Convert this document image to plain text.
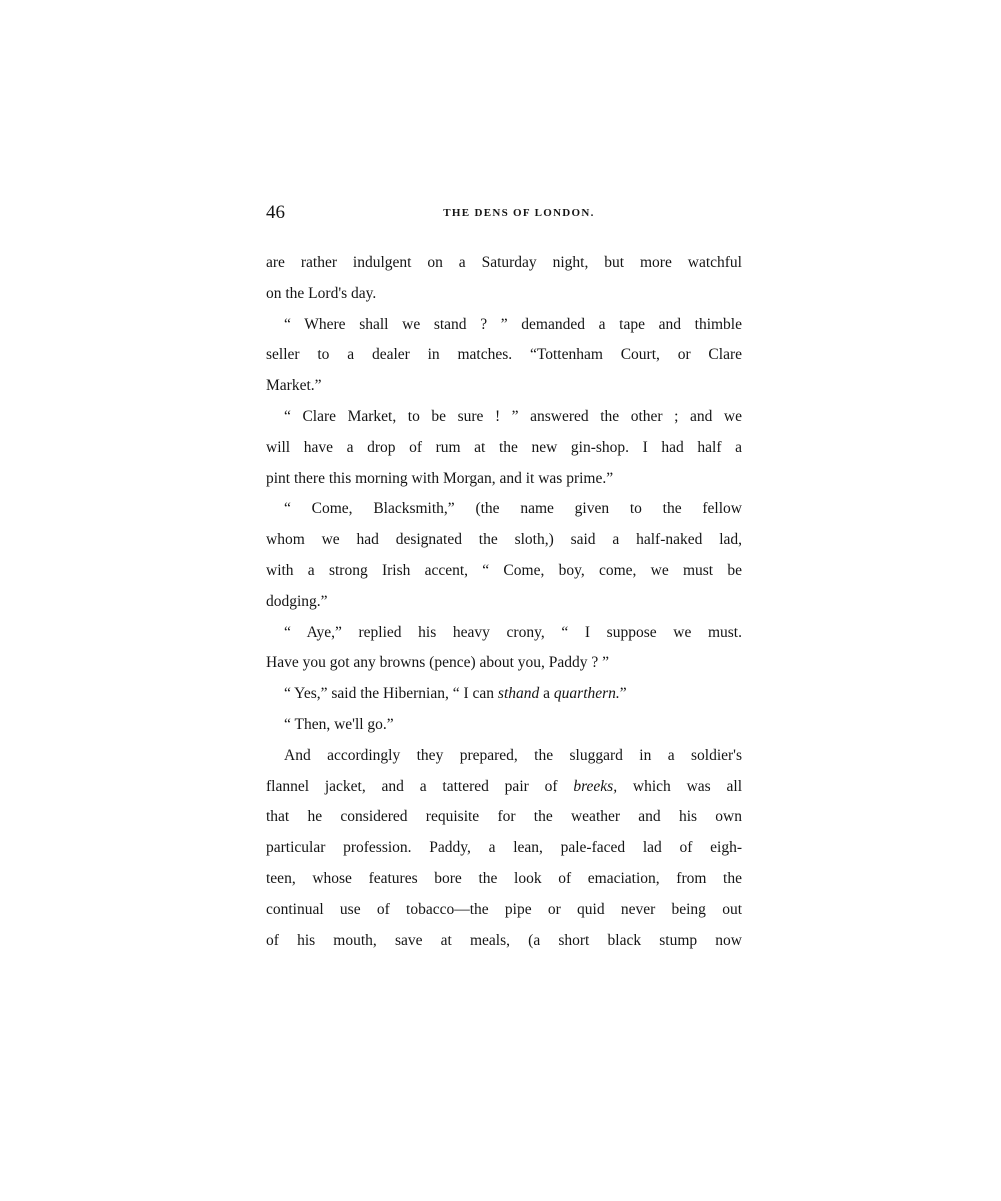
46	THE DENS OF LONDON.
are rather indulgent on a Saturday night, but more watchful
on the Lord's day.
“ Where shall we stand ? ” demanded a tape and thimble
seller to a dealer in matches. “Tottenham Court, or Clare
Market.”
“ Clare Market, to be sure ! ” answered the other ; and we
will have a drop of rum at the new gin-shop. I had half a
pint there this morning with Morgan, and it was prime.”
“ Come, Blacksmith,” (the name given to the fellow
whom we had designated the sloth,) said a half-naked lad,
with a strong Irish accent, “ Come, boy, come, we must be
dodging.”
“ Aye,” replied his heavy crony, “ I suppose we must.
Have you got any browns (pence) about you, Paddy ? ”
“ Yes,” said the Hibernian, “ I can sthand a quarthern.”
“ Then, we'll go.”
And accordingly they prepared, the sluggard in a soldier's
flannel jacket, and a tattered pair of breeks, which was all
that he considered requisite for the weather and his own
particular profession. Paddy, a lean, pale-faced lad of eigh-
teen, whose features bore the look of emaciation, from the
continual use of tobacco—the pipe or quid never being out
of his mouth, save at meals, (a short black stump now
